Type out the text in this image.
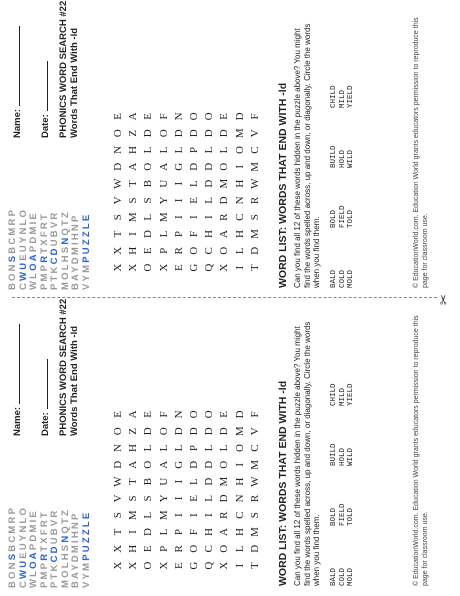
BONSBCMRP
CWUEUYNLO
WLOAPDMIE
PMPRTXFRT
PTKCDUBVR
MOLHSNQTZ
BAYDMIHNP
VYMPUZZLE
Name: Date: PHONICS WORD SEARCH #22 Words That End With -ld
XXTSVWDNOE
XHIMSTAHZA
OEDLSBOLDE
XPLMYUALOF
ERPIIIGLDN
GOFIELDPDO
QCHILDDLDO
XOARDMOLDE
ILHCNHIOMD
TDMSRWMCVF	WORD LIST: WORDS THAT END WITH -ld Can you find all 12 of these words hidden in the puzzle above? You might find the words spelled across, up and down, or diagonally. Circle the words when you find them. BALD COLD MOLD
BOLD FIELD TOLD
BUILD HOLD WILD
CHILD MILD YIELD	© EducationWorld.com. Education World grants educators permission to reproduce this page for classroom use.
BONSBCMRP
CWUEUYNLO
WLOAPDMIE
PMPRTXFRT
PTKCDUBVR
MOLHSNQTZ
BAYDMIHNP
VYMPUZZLE
Name: Date: PHONICS WORD SEARCH #22 Words That End With -ld
XXTSVWDNOE
XHIMSTAHZA
OEDLSBOLDE
XPLMYUALOF
ERPIIIGLDN
GOFIELDPDO
QCHILDDLDO
XOARDMOLDE
ILHCNHIOMD
TDMSRWMCVF	WORD LIST: WORDS THAT END WITH -ld Can you find all 12 of these words hidden in the puzzle above? You might find the words spelled across, up and down, or diagonally. Circle the words when you find them. BALD COLD MOLD
BOLD FIELD TOLD
BUILD HOLD WILD
CHILD MILD YIELD	© EducationWorld.com. Education World grants educators permission to reproduce this page for classroom use.
✂
